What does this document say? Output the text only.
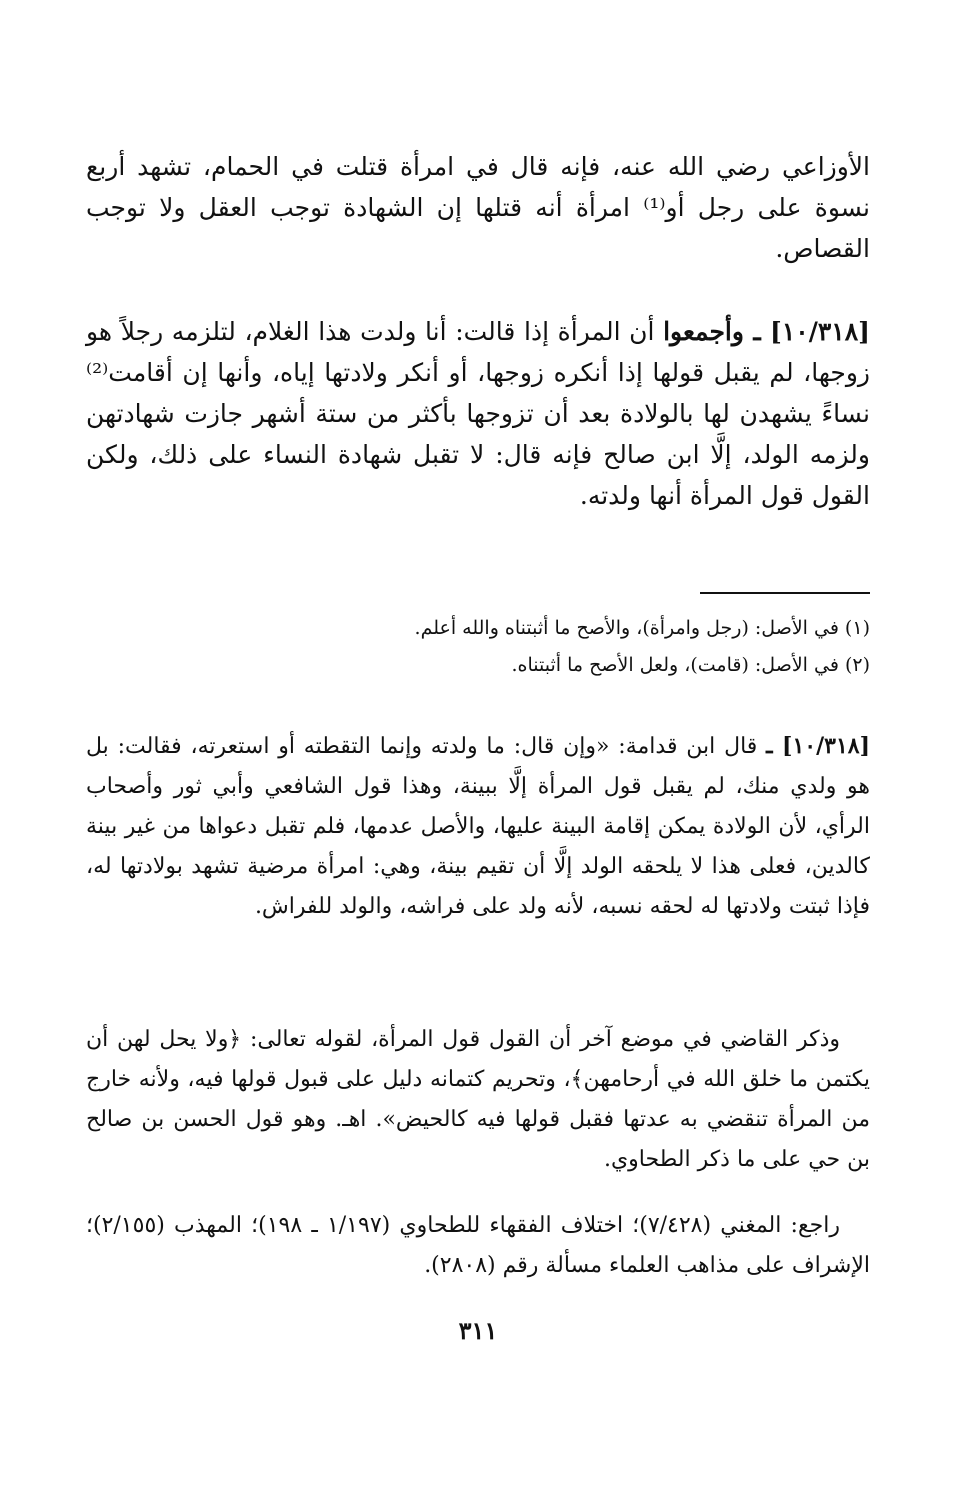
الأوزاعي رضي الله عنه، فإنه قال في امرأة قتلت في الحمام، تشهد أربع نسوة على رجل أو⁽¹⁾ امرأة أنه قتلها إن الشهادة توجب العقل ولا توجب القصاص.

[١٠/٣١٨] ـ وأجمعوا أن المرأة إذا قالت: أنا ولدت هذا الغلام، لتلزمه رجلاً هو زوجها، لم يقبل قولها إذا أنكره زوجها، أو أنكر ولادتها إياه، وأنها إن أقامت⁽²⁾ نساءً يشهدن لها بالولادة بعد أن تزوجها بأكثر من ستة أشهر جازت شهادتهن ولزمه الولد، إلَّا ابن صالح فإنه قال: لا تقبل شهادة النساء على ذلك، ولكن القول قول المرأة أنها ولدته.

(١) في الأصل: (رجل وامرأة)، والأصح ما أثبتناه والله أعلم.

(٢) في الأصل: (قامت)، ولعل الأصح ما أثبتناه.

[١٠/٣١٨] ـ قال ابن قدامة: «وإن قال: ما ولدته وإنما التقطته أو استعرته، فقالت: بل هو ولدي منك، لم يقبل قول المرأة إلَّا ببينة، وهذا قول الشافعي وأبي ثور وأصحاب الرأي، لأن الولادة يمكن إقامة البينة عليها، والأصل عدمها، فلم تقبل دعواها من غير بينة كالدين، فعلى هذا لا يلحقه الولد إلَّا أن تقيم بينة، وهي: امرأة مرضية تشهد بولادتها له، فإذا ثبتت ولادتها له لحقه نسبه، لأنه ولد على فراشه، والولد للفراش.
وذكر القاضي في موضع آخر أن القول قول المرأة، لقوله تعالى: ﴿ولا يحل لهن أن يكتمن ما خلق الله في أرحامهن﴾، وتحريم كتمانه دليل على قبول قولها فيه، ولأنه خارج من المرأة تنقضي به عدتها فقبل قولها فيه كالحيض». اهـ. وهو قول الحسن بن صالح بن حي على ما ذكر الطحاوي.
راجع: المغني (٧/٤٢٨)؛ اختلاف الفقهاء للطحاوي (١/١٩٧ ـ ١٩٨)؛ المهذب (٢/١٥٥)؛ الإشراف على مذاهب العلماء مسألة رقم (٢٨٠٨).
٣١١
